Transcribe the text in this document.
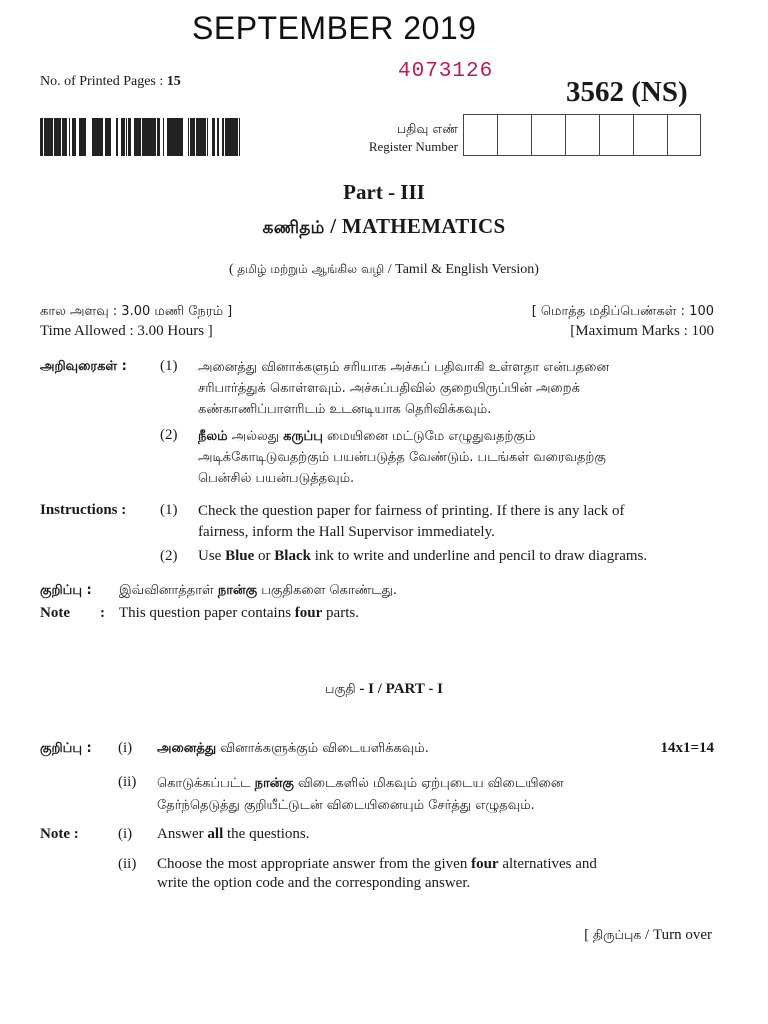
SEPTEMBER 2019
No. of Printed Pages : 15	4073126
3562 (NS)
பதிவு எண்
Register Number
Part - III
கணிதம் / MATHEMATICS
( தமிழ் மற்றும் ஆங்கில வழி / Tamil & English Version)
கால அளவு : 3.00 மணி நேரம் ]
Time Allowed : 3.00 Hours ]
[ மொத்த மதிப்பெண்கள் : 100
[Maximum Marks : 100
அறிவுரைகள் : (1) அனைத்து வினாக்களும் சரியாக அச்சுப் பதிவாகி உள்ளதா என்பதனை
சரிபார்த்துக் கொள்ளவும். அச்சுப்பதிவில் குறையிருப்பின் அறைக்
கண்காணிப்பாளரிடம் உடனடியாக தெரிவிக்கவும்.
(2) நீலம் அல்லது கருப்பு மையினை மட்டுமே எழுதுவதற்கும்
அடிக்கோடிடுவதற்கும் பயன்படுத்த வேண்டும். படங்கள் வரைவதற்கு
பென்சில் பயன்படுத்தவும்.
Instructions : (1) Check the question paper for fairness of printing. If there is any lack of
fairness, inform the Hall Supervisor immediately.
(2) Use Blue or Black ink to write and underline and pencil to draw diagrams.
குறிப்பு : இவ்வினாத்தாள் நான்கு பகுதிகளை கொண்டது.
Note : This question paper contains four parts.
பகுதி - I / PART - I
குறிப்பு : (i) அனைத்து வினாக்களுக்கும் விடையளிக்கவும்.	14x1=14
(ii) கொடுக்கப்பட்ட நான்கு விடைகளில் மிகவும் ஏற்புடைய விடையினை
தேர்ந்தெடுத்து குறியீட்டுடன் விடையினையும் சேர்த்து எழுதவும்.
Note :	(i) Answer all the questions.
(ii) Choose the most appropriate answer from the given four alternatives and
write the option code and the corresponding answer.
[ திருப்புக / Turn over
